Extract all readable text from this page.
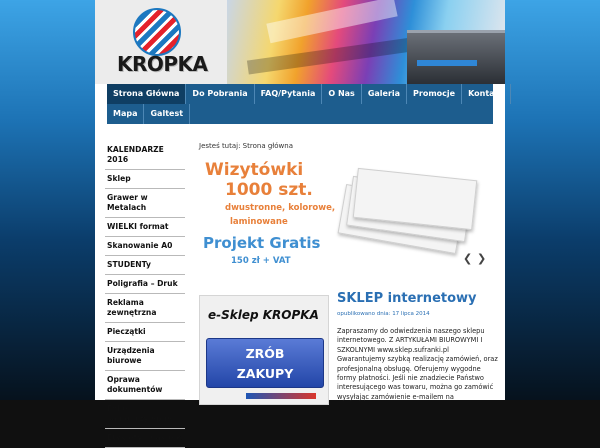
KROPKA
Strona Główna	Do Pobrania	FAQ/Pytania	O Nas	Galeria	Promocje	Kontakt
Mapa	Galtest
KALENDARZE 2016
Sklep
Grawer w Metalach
WIELKI format
Skanowanie A0
STUDENTy
Poligrafia – Druk
Reklama zewnętrzna
Pieczątki
Urządzenia biurowe
Oprawa dokumentów
Folie samoprzylepne
Etykiety i naklejki
Jesteś tutaj: Strona główna
Wizytówki
1000 szt.
dwustronne, kolorowe,
laminowane
Projekt Gratis
150 zł + VAT	❮ ❯
e-Sklep KROPKA
ZRÓB
ZAKUPY
SKLEP internetowy
opublikowano dnia: 17 lipca 2014
Zapraszamy do odwiedzenia naszego sklepu internetowego. Z ARTYKUŁAMI BIUROWYMI I SZKOLNYMI www.sklep.sufranki.pl Gwarantujemy szybką realizację zamówień, oraz profesjonalną obsługę. Oferujemy wygodne formy płatności. Jeśli nie znadziecie Państwo interesującego was towaru, można go zamówić wysyłając zamówienie e-mailem na
